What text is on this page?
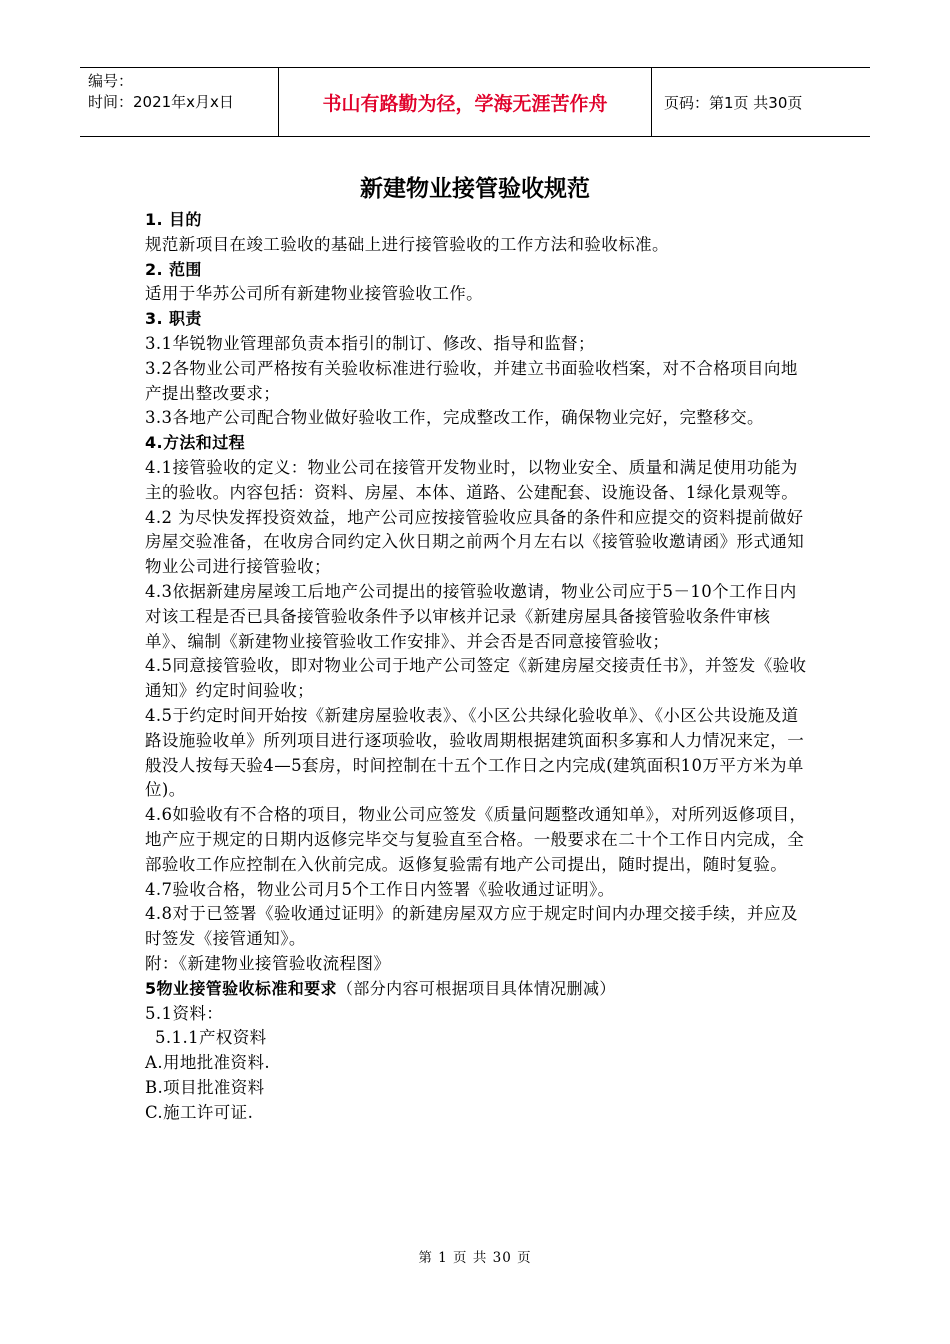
编号：
时间：2021年x月x日	书山有路勤为径，学海无涯苦作舟	页码：第1页 共30页
新建物业接管验收规范

1. 目的

规范新项目在竣工验收的基础上进行接管验收的工作方法和验收标准。

2. 范围

适用于华苏公司所有新建物业接管验收工作。

3. 职责

3.1华锐物业管理部负责本指引的制订、修改、指导和监督；

3.2各物业公司严格按有关验收标准进行验收，并建立书面验收档案，对不合格项目向地产提出整改要求；

3.3各地产公司配合物业做好验收工作，完成整改工作，确保物业完好，完整移交。

4.方法和过程

4.1接管验收的定义：物业公司在接管开发物业时，以物业安全、质量和满足使用功能为主的验收。内容包括：资料、房屋、本体、道路、公建配套、设施设备、1绿化景观等。

4.2 为尽快发挥投资效益，地产公司应按接管验收应具备的条件和应提交的资料提前做好房屋交验准备，在收房合同约定入伙日期之前两个月左右以《接管验收邀请函》形式通知物业公司进行接管验收；

4.3依据新建房屋竣工后地产公司提出的接管验收邀请，物业公司应于5－10个工作日内对该工程是否已具备接管验收条件予以审核并记录《新建房屋具备接管验收条件审核单》、编制《新建物业接管验收工作安排》、并会否是否同意接管验收；

4.5同意接管验收，即对物业公司于地产公司签定《新建房屋交接责任书》，并签发《验收通知》约定时间验收；

4.5于约定时间开始按《新建房屋验收表》、《小区公共绿化验收单》、《小区公共设施及道路设施验收单》所列项目进行逐项验收，验收周期根据建筑面积多寡和人力情况来定，一般没人按每天验4—5套房，时间控制在十五个工作日之内完成(建筑面积10万平方米为单位)。

4.6如验收有不合格的项目，物业公司应签发《质量问题整改通知单》，对所列返修项目，地产应于规定的日期内返修完毕交与复验直至合格。一般要求在二十个工作日内完成，全部验收工作应控制在入伙前完成。返修复验需有地产公司提出，随时提出，随时复验。

4.7验收合格，物业公司月5个工作日内签署《验收通过证明》。

4.8对于已签署《验收通过证明》的新建房屋双方应于规定时间内办理交接手续，并应及时签发《接管通知》。

附：《新建物业接管验收流程图》

5物业接管验收标准和要求（部分内容可根据项目具体情况删减）

5.1资料：

5.1.1产权资料

A.用地批准资料.

B.项目批准资料

C.施工许可证.

第 1 页 共 30 页
